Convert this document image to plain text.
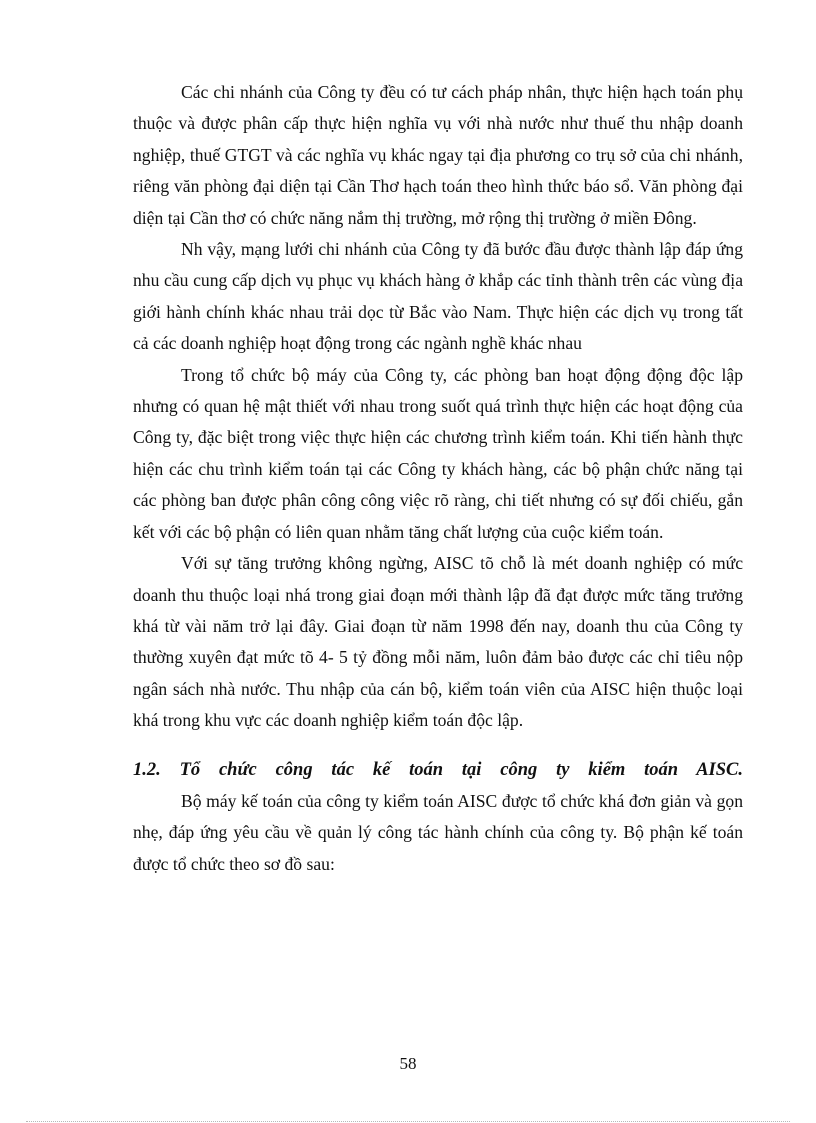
Các chi nhánh của Công ty đều có tư cách pháp nhân, thực hiện hạch toán phụ thuộc và được phân cấp thực hiện nghĩa vụ với nhà nước như thuế thu nhập doanh nghiệp, thuế GTGT và các nghĩa vụ khác ngay tại địa phương co trụ sở của chi nhánh, riêng văn phòng đại diện tại Cần Thơ hạch toán theo hình thức báo sổ. Văn phòng đại diện tại Cần thơ có chức năng nắm thị trường, mở rộng thị trường ở miền Đông.

Nh vậy, mạng lưới chi nhánh của Công ty đã bước đầu được thành lập đáp ứng nhu cầu cung cấp dịch vụ phục vụ khách hàng ở khắp các tỉnh thành trên các vùng địa giới hành chính khác nhau trải dọc từ Bắc vào Nam. Thực hiện các dịch vụ trong tất cả các doanh nghiệp hoạt động trong các ngành nghề khác nhau

Trong tổ chức bộ máy của Công ty, các phòng ban hoạt động động độc lập nhưng có quan hệ mật thiết với nhau trong suốt quá trình thực hiện các hoạt động của Công ty, đặc biệt trong việc thực hiện các chương trình kiểm toán. Khi tiến hành thực hiện các chu trình kiểm toán tại các Công ty khách hàng, các bộ phận chức năng tại các phòng ban được phân công công việc rõ ràng, chi tiết nhưng có sự đối chiếu, gắn kết với các bộ phận có liên quan nhằm tăng chất lượng của cuộc kiểm toán.

Với sự tăng trưởng không ngừng, AISC tõ chỗ là mét doanh nghiệp có mức doanh thu thuộc loại nhá trong giai đoạn mới thành lập đã đạt được mức tăng trưởng khá từ vài năm trở lại đây. Giai đoạn từ năm 1998 đến nay, doanh thu của Công ty thường xuyên đạt mức tõ 4- 5 tỷ đồng mỗi năm, luôn đảm bảo được các chỉ tiêu nộp ngân sách nhà nước. Thu nhập của cán bộ, kiểm toán viên của AISC hiện thuộc loại khá trong khu vực các doanh nghiệp kiểm toán độc lập.

1.2. Tổ chức công tác kế toán tại công ty kiểm toán AISC.

Bộ máy kế toán của công ty kiểm toán AISC được tổ chức khá đơn giản và gọn nhẹ, đáp ứng yêu cầu về quản lý công tác hành chính của công ty. Bộ phận kế toán được tổ chức theo sơ đồ sau:

58
